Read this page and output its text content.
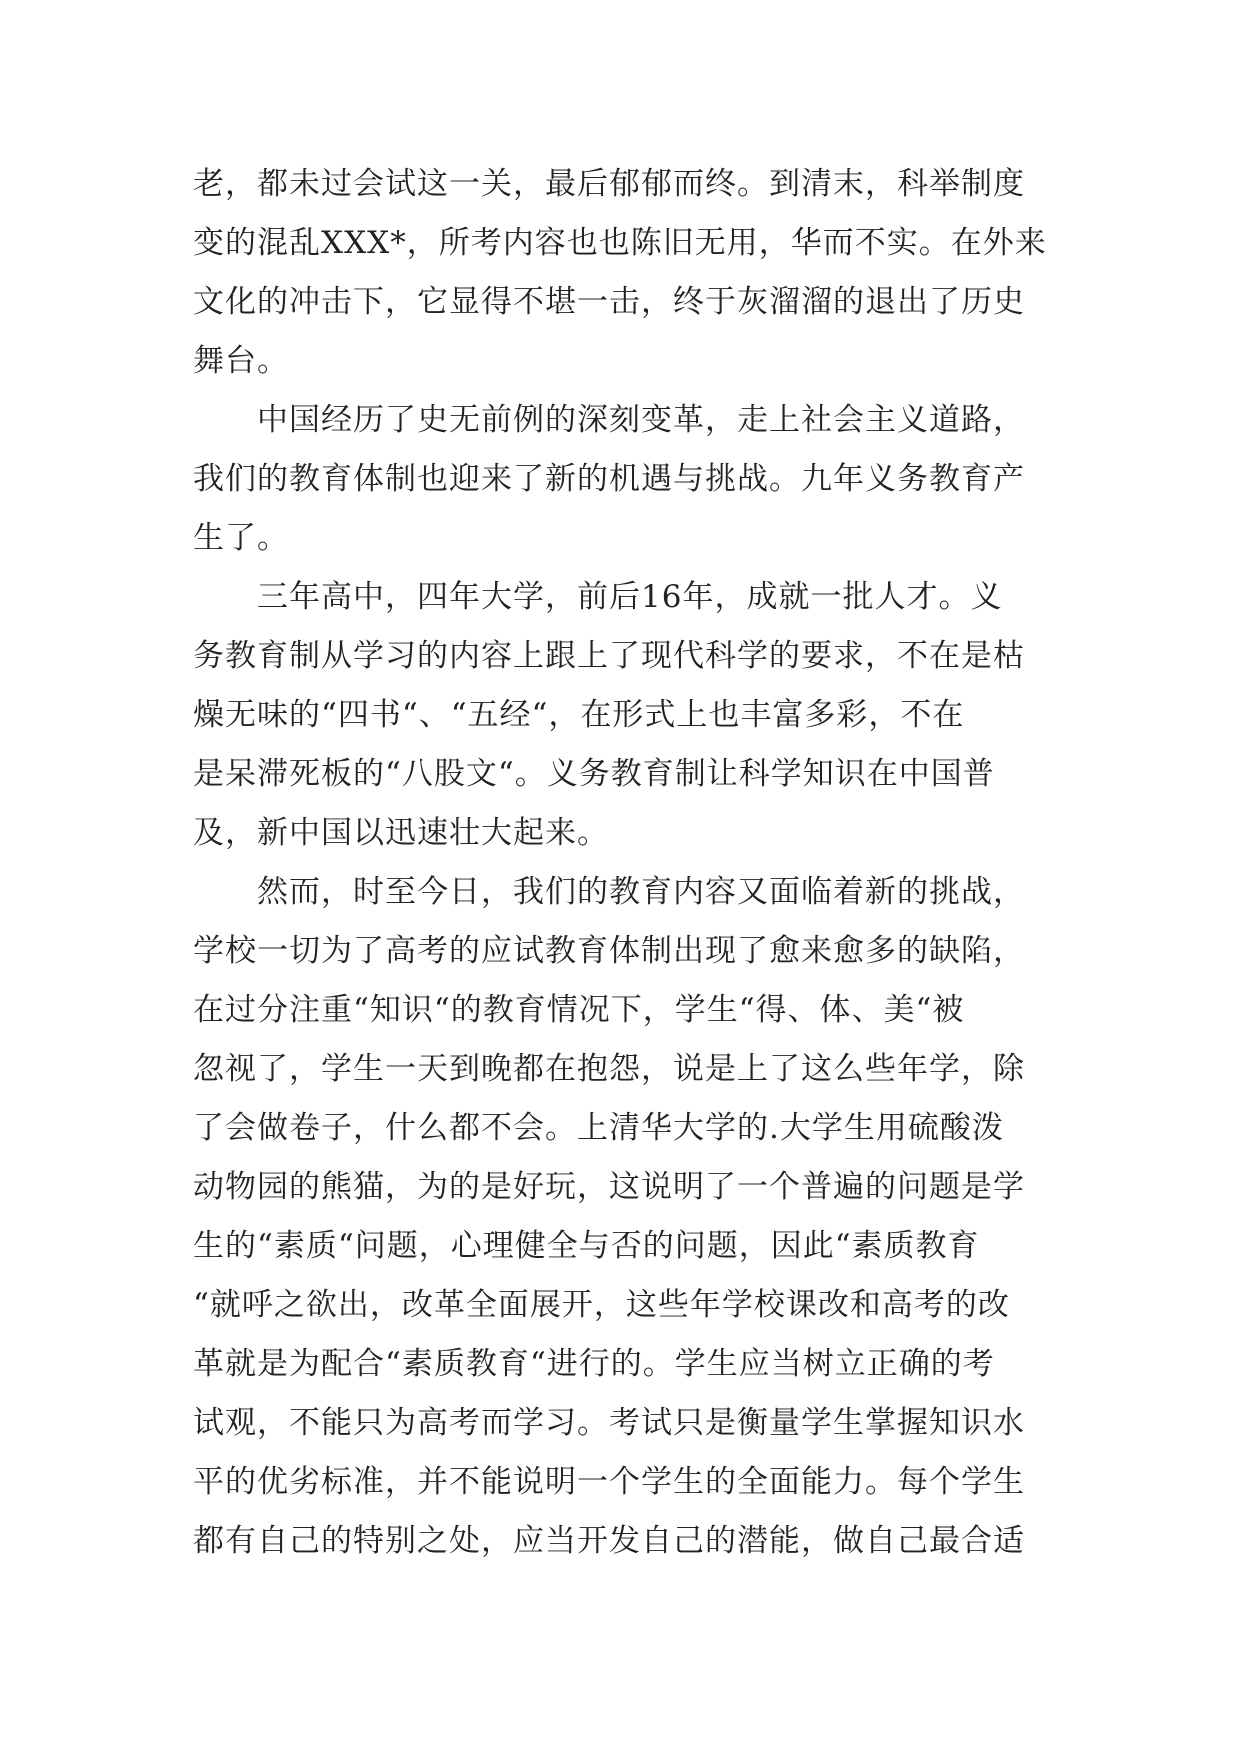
老，都未过会试这一关，最后郁郁而终。到清末，科举制度
变的混乱XXX*，所考内容也也陈旧无用，华而不实。在外来
文化的冲击下，它显得不堪一击，终于灰溜溜的退出了历史
舞台。
中国经历了史无前例的深刻变革，走上社会主义道路，
我们的教育体制也迎来了新的机遇与挑战。九年义务教育产
生了。
三年高中，四年大学，前后16年，成就一批人才。义
务教育制从学习的内容上跟上了现代科学的要求，不在是枯
燥无味的“四书“、“五经“，在形式上也丰富多彩，不在
是呆滞死板的“八股文“。义务教育制让科学知识在中国普
及，新中国以迅速壮大起来。
然而，时至今日，我们的教育内容又面临着新的挑战，
学校一切为了高考的应试教育体制出现了愈来愈多的缺陷，
在过分注重“知识“的教育情况下，学生“得、体、美“被
忽视了，学生一天到晚都在抱怨，说是上了这么些年学，除
了会做卷子，什么都不会。上清华大学的.大学生用硫酸泼
动物园的熊猫，为的是好玩，这说明了一个普遍的问题是学
生的“素质“问题，心理健全与否的问题，因此“素质教育
“就呼之欲出，改革全面展开，这些年学校课改和高考的改
革就是为配合“素质教育“进行的。学生应当树立正确的考
试观，不能只为高考而学习。考试只是衡量学生掌握知识水
平的优劣标准，并不能说明一个学生的全面能力。每个学生
都有自己的特别之处，应当开发自己的潜能，做自己最合适
